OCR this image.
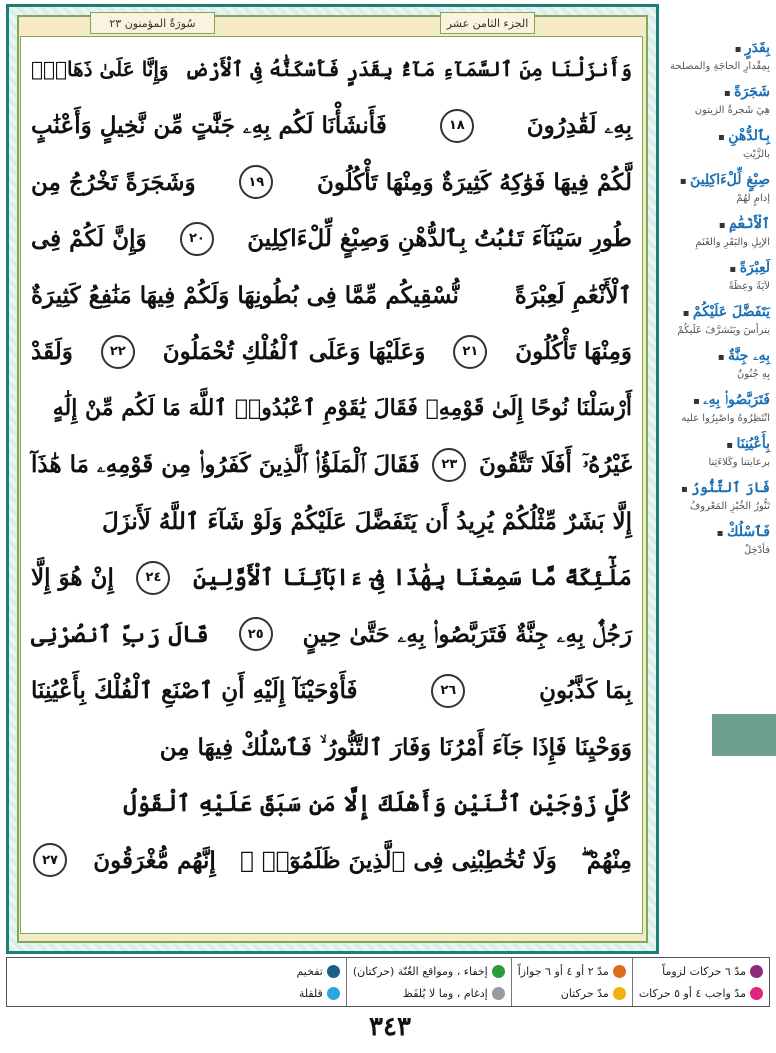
سُورَةُ المؤمنون ٢٣	الجزء الثامن عشر
وَأَنزَلْنَا مِنَ ٱلسَّمَآءِ مَآءًۢ بِقَدَرٍ فَأَسْكَنَّٰهُ فِى ٱلْأَرْضِ
وَإِنَّا عَلَىٰ ذَهَابٍۭ
بِهِۦ لَقَٰدِرُونَ
١٨
فَأَنشَأْنَا لَكُم بِهِۦ جَنَّٰتٍ مِّن نَّخِيلٍ وَأَعْنَٰبٍ
لَّكُمْ فِيهَا فَوَٰكِهُ كَثِيرَةٌ وَمِنْهَا تَأْكُلُونَ
١٩
وَشَجَرَةً تَخْرُجُ مِن
طُورِ سَيْنَآءَ تَنۢبُتُ بِٱلدُّهْنِ وَصِبْغٍ لِّلْءَاكِلِينَ
٢٠
وَإِنَّ لَكُمْ فِى
ٱلْأَنْعَٰمِ لَعِبْرَةً
نُّسْقِيكُم مِّمَّا فِى بُطُونِهَا وَلَكُمْ فِيهَا مَنَٰفِعُ كَثِيرَةٌ
وَمِنْهَا تَأْكُلُونَ
٢١
وَعَلَيْهَا وَعَلَى ٱلْفُلْكِ تُحْمَلُونَ
٢٢
وَلَقَدْ
أَرْسَلْنَا نُوحًا إِلَىٰ قَوْمِهِۦ فَقَالَ يَٰقَوْمِ ٱعْبُدُوا۟ ٱللَّهَ مَا لَكُم مِّنْ إِلَٰهٍ
غَيْرُهُۥٓ
أَفَلَا تَتَّقُونَ
٢٣
فَقَالَ ٱلْمَلَؤُا۟ ٱلَّذِينَ كَفَرُوا۟ مِن قَوْمِهِۦ مَا هَٰذَآ
إِلَّا بَشَرٌ مِّثْلُكُمْ يُرِيدُ أَن يَتَفَضَّلَ عَلَيْكُمْ وَلَوْ شَآءَ ٱللَّهُ لَأَنزَلَ
مَلَٰٓئِكَةً مَّا سَمِعْنَا بِهَٰذَا فِىٓ ءَابَآئِنَا ٱلْأَوَّلِينَ
٢٤
إِنْ هُوَ إِلَّا
رَجُلٌۢ بِهِۦ جِنَّةٌ فَتَرَبَّصُوا۟ بِهِۦ حَتَّىٰ حِينٍ
٢٥
قَالَ رَبِّ ٱنصُرْنِى
بِمَا كَذَّبُونِ
٢٦
فَأَوْحَيْنَآ إِلَيْهِ أَنِ ٱصْنَعِ ٱلْفُلْكَ بِأَعْيُنِنَا
وَوَحْيِنَا فَإِذَا جَآءَ أَمْرُنَا وَفَارَ ٱلتَّنُّورُ ۙ فَٱسْلُكْ فِيهَا مِن
كُلٍّ زَوْجَيْنِ ٱثْنَيْنِ وَأَهْلَكَ إِلَّا مَن سَبَقَ عَلَيْهِ ٱلْقَوْلُ
مِنْهُمْ ۖ
وَلَا تُخَٰطِبْنِى فِى ٱلَّذِينَ ظَلَمُوٓا۟ ۖ
إِنَّهُم مُّغْرَقُونَ
٢٧
بِقَدَرٍ ▪
بِمِقْدارِ الحاجَةِ والمصلحة
شَجَرَةً ▪
هِيَ شَجرةُ الزيتون
بِٱلدُّهْنِ ▪
بالزَّيْتِ
صِبْغٍ لِّلْءَاكِلِينَ ▪
إدامٍ لهُمْ
ٱلْأَنْعَٰمِ ▪
الإبِلِ والبَقَرِ والغَنَمِ
لَعِبْرَةً ▪
لآيَةً وعِظَةً
يَتَفَضَّلَ عَلَيْكُمْ ▪
يترأسَ ويَتَشرَّفَ عَلَيكُمْ
بِهِۦ جِنَّةٌ ▪
بِهِ جُنُونٌ
فَتَرَبَّصُوا۟ بِهِۦ ▪
انْتَظِرُوهُ واصْبِرُوا عليه
بِأَعْيُنِنَا ▪
برعايتنا وكَلاءَتِنا
فَارَ ٱلتَّنُّورُ ▪
تَنُّورُ الخُبْزِ المَعْروفُ
فَٱسْلُكْ ▪
فأدْخِلْ
مدّ ٦ حركات لزوماً
مدّ واجب ٤ أو ٥ حركات
مدّ ٢ أو ٤ أو ٦ جوازاً
مدّ حركتان
إخفاء ، ومواقع الغُنّة (حركتان)
إدغام ، وما لا يُلفَظ
تفخيم
قلقلة
٣٤٣
